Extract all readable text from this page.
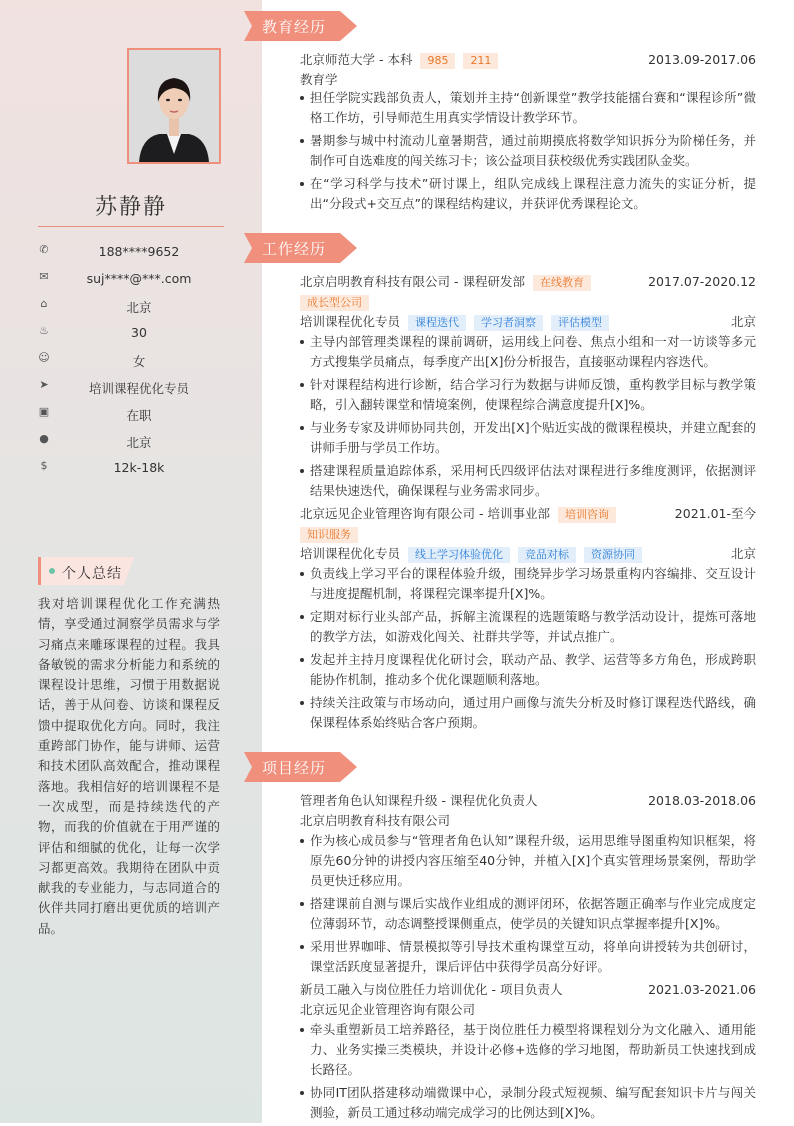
苏静静
✆	188****9652
✉	suj****@***.com
⌂	北京
♨	30
☺	女
➤	培训课程优化专员
▣	在职
●	北京
$	12k-18k
个人总结
我对培训课程优化工作充满热情，享受通过洞察学员需求与学习痛点来雕琢课程的过程。我具备敏锐的需求分析能力和系统的课程设计思维，习惯于用数据说话，善于从问卷、访谈和课程反馈中提取优化方向。同时，我注重跨部门协作，能与讲师、运营和技术团队高效配合，推动课程落地。我相信好的培训课程不是一次成型，而是持续迭代的产物，而我的价值就在于用严谨的评估和细腻的优化，让每一次学习都更高效。我期待在团队中贡献我的专业能力，与志同道合的伙伴共同打磨出更优质的培训产品。
教育经历
北京师范大学 - 本科 985 211	2013.09-2017.06
教育学
担任学院实践部负责人，策划并主持“创新课堂”教学技能擂台赛和“课程诊所”微格工作坊，引导师范生用真实学情设计教学环节。
暑期参与城中村流动儿童暑期营，通过前期摸底将数学知识拆分为阶梯任务，并制作可自选难度的闯关练习卡；该公益项目获校级优秀实践团队金奖。
在“学习科学与技术”研讨课上，组队完成线上课程注意力流失的实证分析，提出“分段式+交互点”的课程结构建议，并获评优秀课程论文。
工作经历
北京启明教育科技有限公司 - 课程研发部 在线教育	2017.07-2020.12
成长型公司
培训课程优化专员 课程迭代 学习者洞察 评估模型	北京
主导内部管理类课程的课前调研，运用线上问卷、焦点小组和一对一访谈等多元方式搜集学员痛点，每季度产出[X]份分析报告，直接驱动课程内容迭代。
针对课程结构进行诊断，结合学习行为数据与讲师反馈，重构教学目标与教学策略，引入翻转课堂和情境案例，使课程综合满意度提升[X]%。
与业务专家及讲师协同共创，开发出[X]个贴近实战的微课程模块，并建立配套的讲师手册与学员工作坊。
搭建课程质量追踪体系，采用柯氏四级评估法对课程进行多维度测评，依据测评结果快速迭代，确保课程与业务需求同步。
北京远见企业管理咨询有限公司 - 培训事业部 培训咨询	2021.01-至今
知识服务
培训课程优化专员 线上学习体验优化 竞品对标 资源协同	北京
负责线上学习平台的课程体验升级，围绕异步学习场景重构内容编排、交互设计与进度提醒机制，将课程完课率提升[X]%。
定期对标行业头部产品，拆解主流课程的选题策略与教学活动设计，提炼可落地的教学方法，如游戏化闯关、社群共学等，并试点推广。
发起并主持月度课程优化研讨会，联动产品、教学、运营等多方角色，形成跨职能协作机制，推动多个优化课题顺利落地。
持续关注政策与市场动向，通过用户画像与流失分析及时修订课程迭代路线，确保课程体系始终贴合客户预期。
项目经历
管理者角色认知课程升级 - 课程优化负责人	2018.03-2018.06
北京启明教育科技有限公司
作为核心成员参与“管理者角色认知”课程升级，运用思维导图重构知识框架，将原先60分钟的讲授内容压缩至40分钟，并植入[X]个真实管理场景案例，帮助学员更快迁移应用。
搭建课前自测与课后实战作业组成的测评闭环，依据答题正确率与作业完成度定位薄弱环节，动态调整授课侧重点，使学员的关键知识点掌握率提升[X]%。
采用世界咖啡、情景模拟等引导技术重构课堂互动，将单向讲授转为共创研讨，课堂活跃度显著提升，课后评估中获得学员高分好评。
新员工融入与岗位胜任力培训优化 - 项目负责人	2021.03-2021.06
北京远见企业管理咨询有限公司
牵头重塑新员工培养路径，基于岗位胜任力模型将课程划分为文化融入、通用能力、业务实操三类模块，并设计必修+选修的学习地图，帮助新员工快速找到成长路径。
协同IT团队搭建移动端微课中心，录制分段式短视频、编写配套知识卡片与闯关测验，新员工通过移动端完成学习的比例达到[X]%。
